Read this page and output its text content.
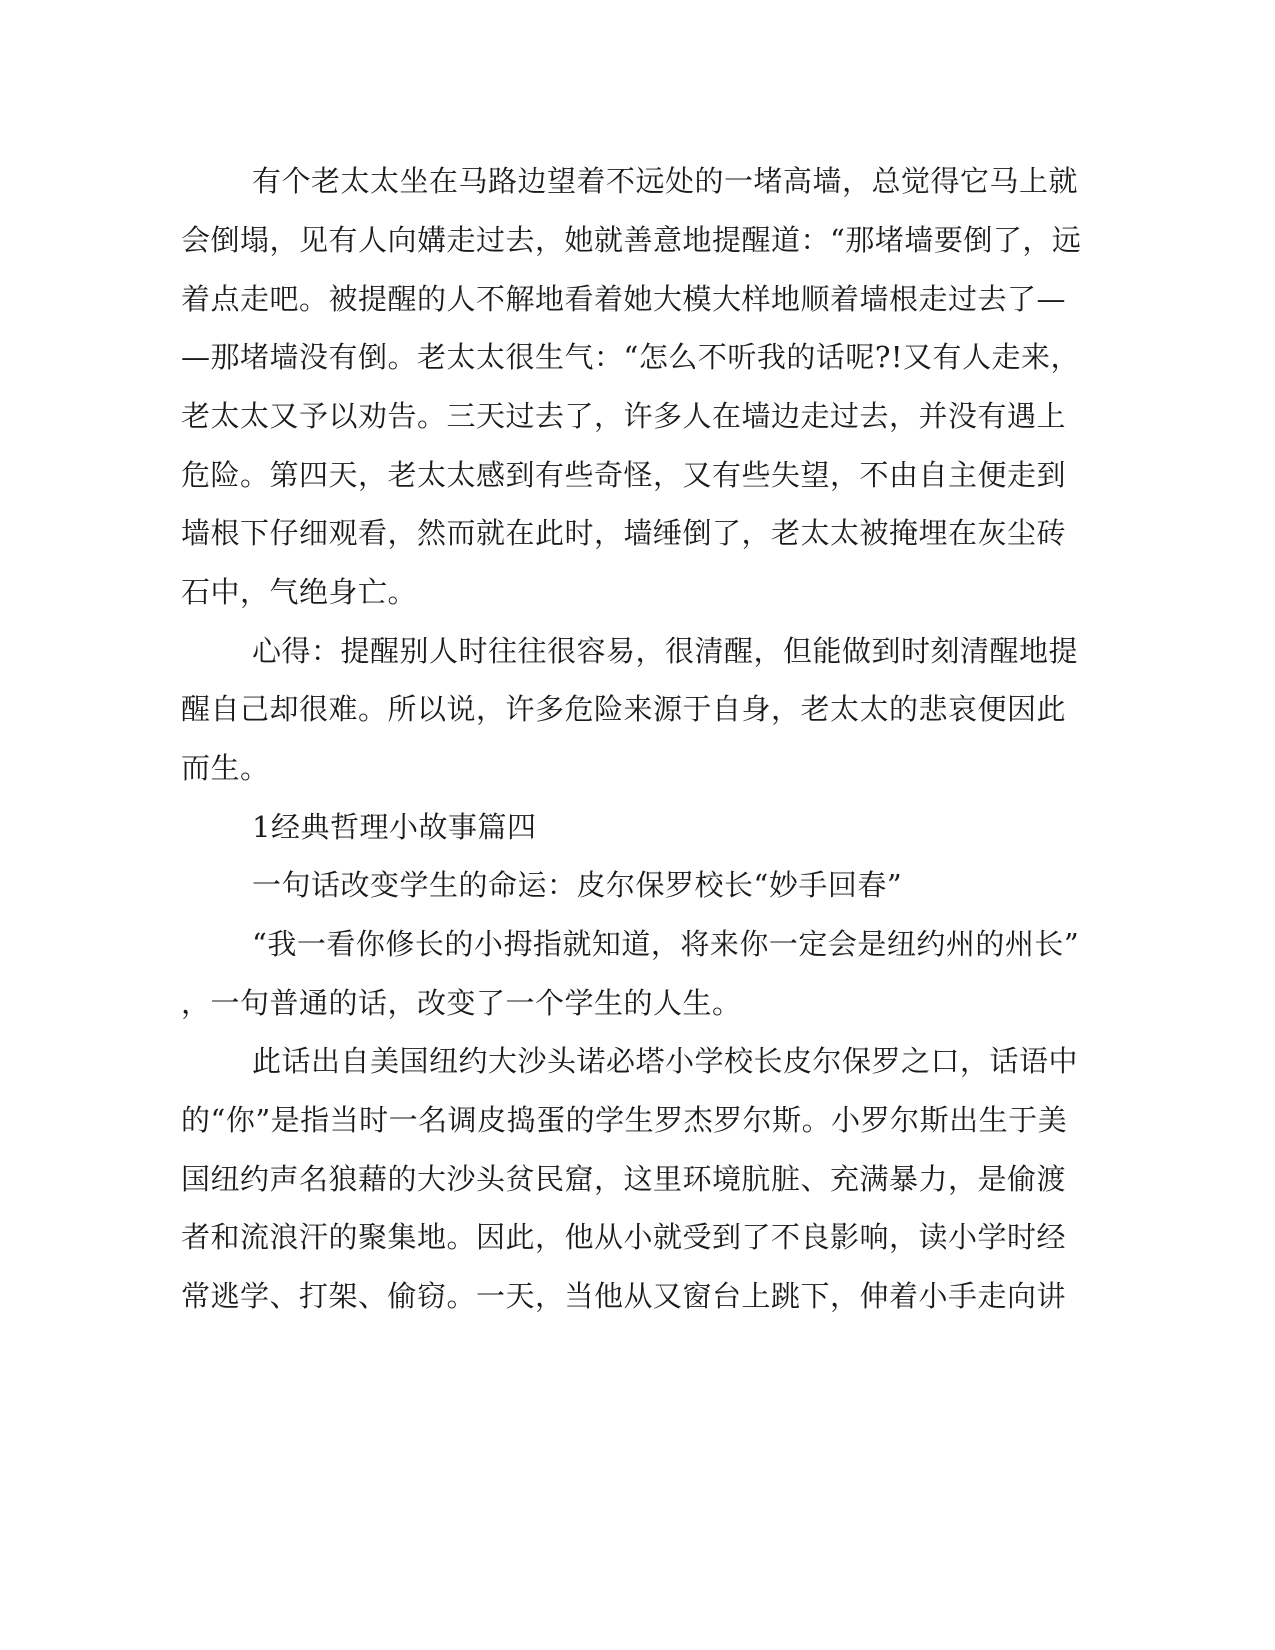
有个老太太坐在马路边望着不远处的一堵高墙，总觉得它马上就
会倒塌，见有人向媾走过去，她就善意地提醒道：“那堵墙要倒了，远
着点走吧。被提醒的人不解地看着她大模大样地顺着墙根走过去了—
—那堵墙没有倒。老太太很生气：“怎么不听我的话呢?!又有人走来，
老太太又予以劝告。三天过去了，许多人在墙边走过去，并没有遇上
危险。第四天，老太太感到有些奇怪，又有些失望，不由自主便走到
墙根下仔细观看，然而就在此时，墙缍倒了，老太太被掩埋在灰尘砖
石中，气绝身亡。
心得：提醒别人时往往很容易，很清醒，但能做到时刻清醒地提
醒自己却很难。所以说，许多危险来源于自身，老太太的悲哀便因此
而生。
1经典哲理小故事篇四
一句话改变学生的命运：皮尔保罗校长“妙手回春”
“我一看你修长的小拇指就知道，将来你一定会是纽约州的州长”
，一句普通的话，改变了一个学生的人生。
此话出自美国纽约大沙头诺必塔小学校长皮尔保罗之口，话语中
的“你”是指当时一名调皮捣蛋的学生罗杰罗尔斯。小罗尔斯出生于美
国纽约声名狼藉的大沙头贫民窟，这里环境肮脏、充满暴力，是偷渡
者和流浪汗的聚集地。因此，他从小就受到了不良影响，读小学时经
常逃学、打架、偷窃。一天，当他从又窗台上跳下，伸着小手走向讲
